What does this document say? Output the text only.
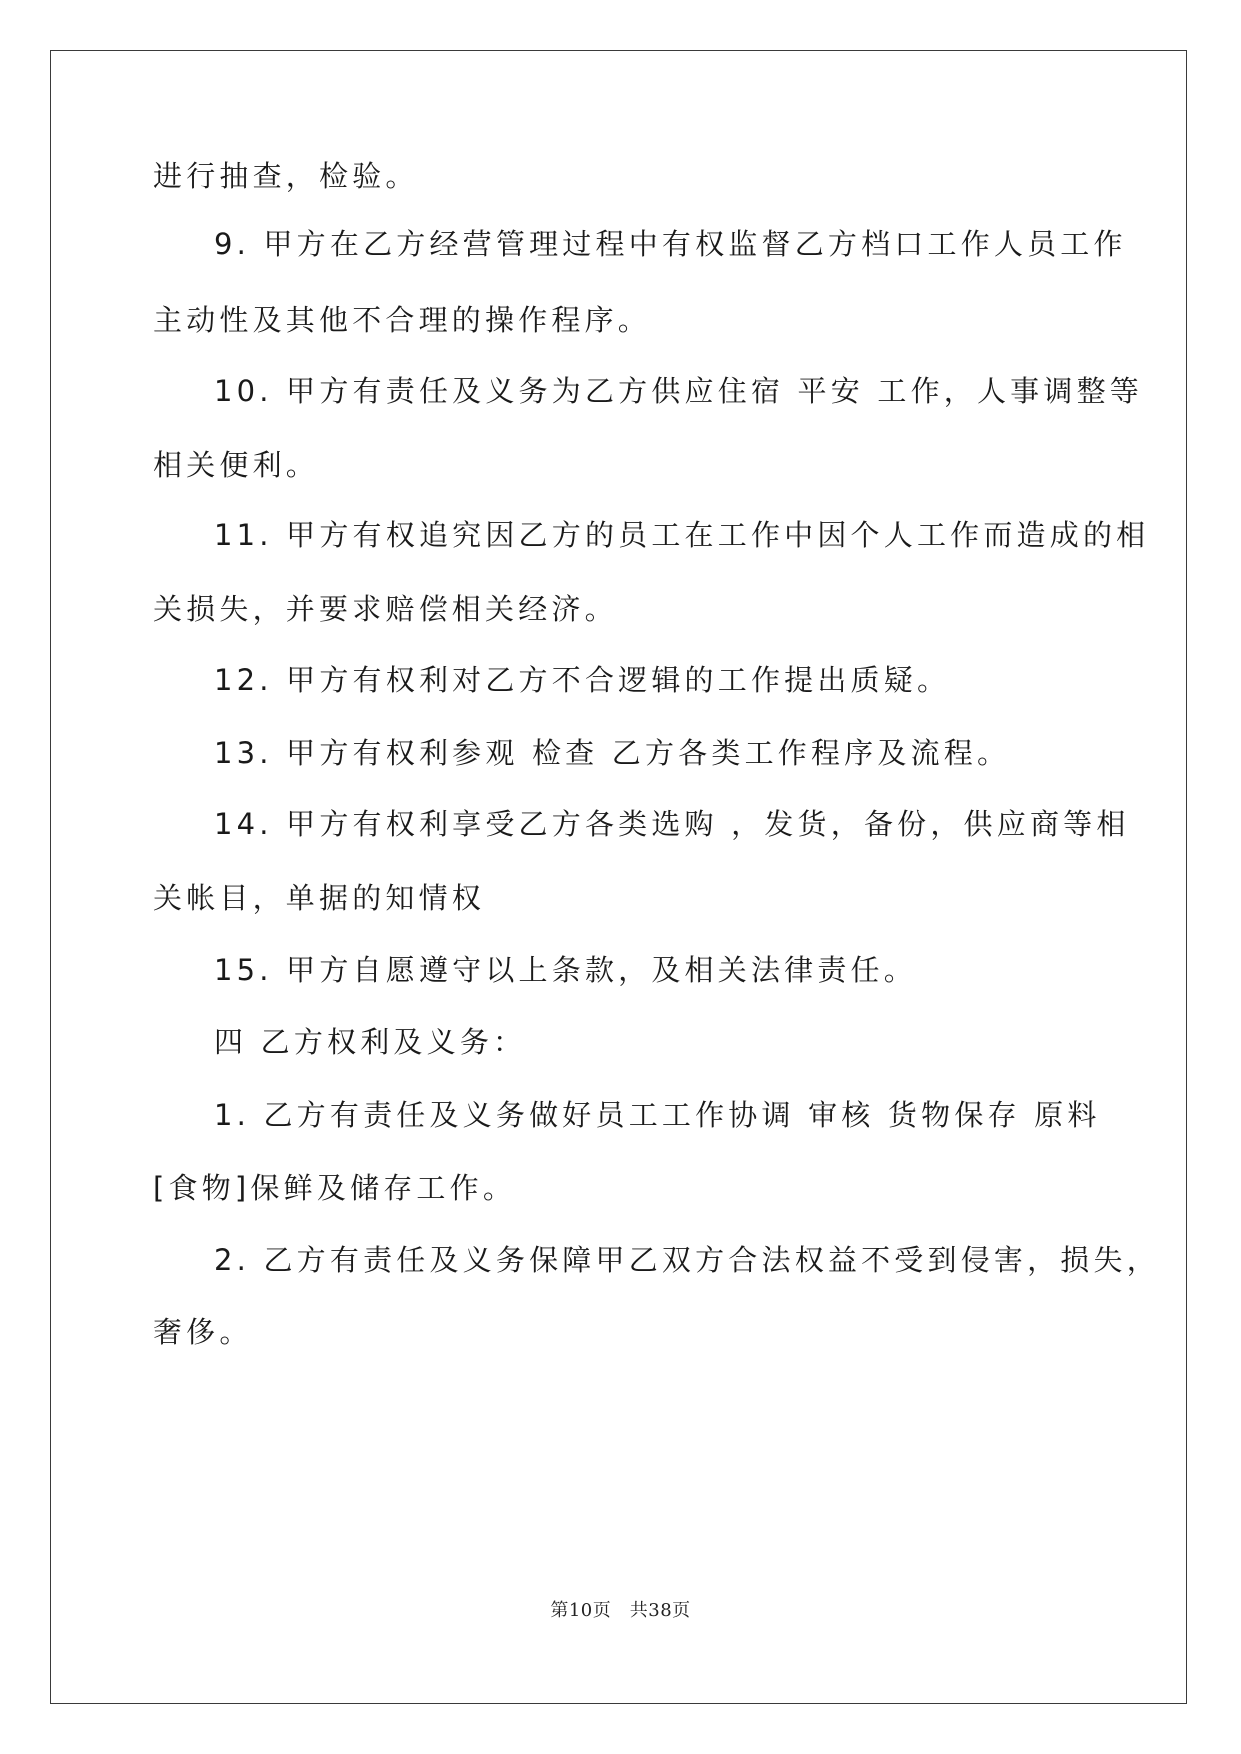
进行抽查，检验。
9. 甲方在乙方经营管理过程中有权监督乙方档口工作人员工作
主动性及其他不合理的操作程序。
10. 甲方有责任及义务为乙方供应住宿 平安 工作，人事调整等
相关便利。
11. 甲方有权追究因乙方的员工在工作中因个人工作而造成的相
关损失，并要求赔偿相关经济。
12. 甲方有权利对乙方不合逻辑的工作提出质疑。
13. 甲方有权利参观 检查 乙方各类工作程序及流程。
14. 甲方有权利享受乙方各类选购 ，发货，备份，供应商等相
关帐目，单据的知情权
15. 甲方自愿遵守以上条款，及相关法律责任。
四 乙方权利及义务：
1. 乙方有责任及义务做好员工工作协调 审核 货物保存 原料
[食物]保鲜及储存工作。
2. 乙方有责任及义务保障甲乙双方合法权益不受到侵害，损失，
奢侈。
第10页　共38页
